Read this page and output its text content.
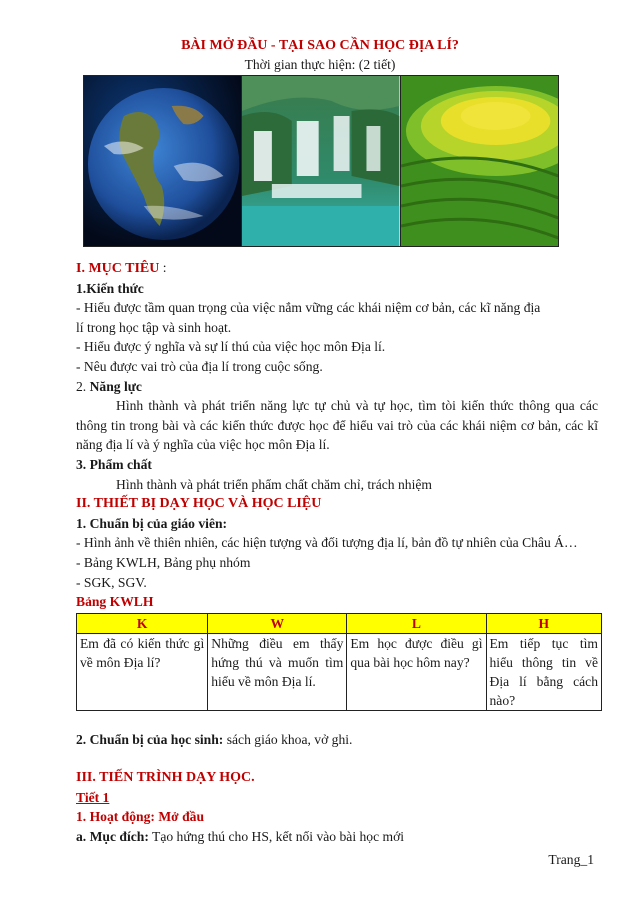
BÀI MỞ ĐẦU - TẠI SAO CẦN HỌC ĐỊA LÍ?
Thời gian thực hiện: (2 tiết)

I. MỤC TIÊU :

1.Kiến thức

- Hiểu được tầm quan trọng của việc nắm vững các khái niệm cơ bản, các kĩ năng địa

lí trong học tập và sinh hoạt.

- Hiểu được ý nghĩa và sự lí thú của việc học môn Địa lí.

- Nêu được vai trò của địa lí trong cuộc sống.

2. Năng lực

Hình thành và phát triển năng lực tự chủ và tự học, tìm tòi kiến thức thông qua các thông tin trong bài và các kiến thức được học để hiểu vai trò của các khái niệm cơ bản, các kĩ năng địa lí và ý nghĩa của việc học môn Địa lí.

3. Phẩm chất

Hình thành và phát triển phẩm chất chăm chỉ, trách nhiệm

II. THIẾT BỊ DẠY HỌC VÀ HỌC LIỆU

1. Chuẩn bị của giáo viên:

- Hình ảnh về thiên nhiên, các hiện tượng và đối tượng địa lí, bản đồ tự nhiên của Châu Á…

- Bảng KWLH, Bảng phụ nhóm

- SGK, SGV.

Bảng KWLH

K	W	L	H
Em đã có kiến thức gì về môn Địa lí?	Những điều em thấy hứng thú và muốn tìm hiểu về môn Địa lí.	Em học được điều gì qua bài học hôm nay?	Em tiếp tục tìm hiểu thông tin về Địa lí bằng cách nào?

2. Chuẩn bị của học sinh: sách giáo khoa, vở ghi.

III. TIẾN TRÌNH DẠY HỌC.

Tiết 1

1. Hoạt động: Mở đầu

a. Mục đích: Tạo hứng thú cho HS, kết nối vào bài học mới

Trang_1
